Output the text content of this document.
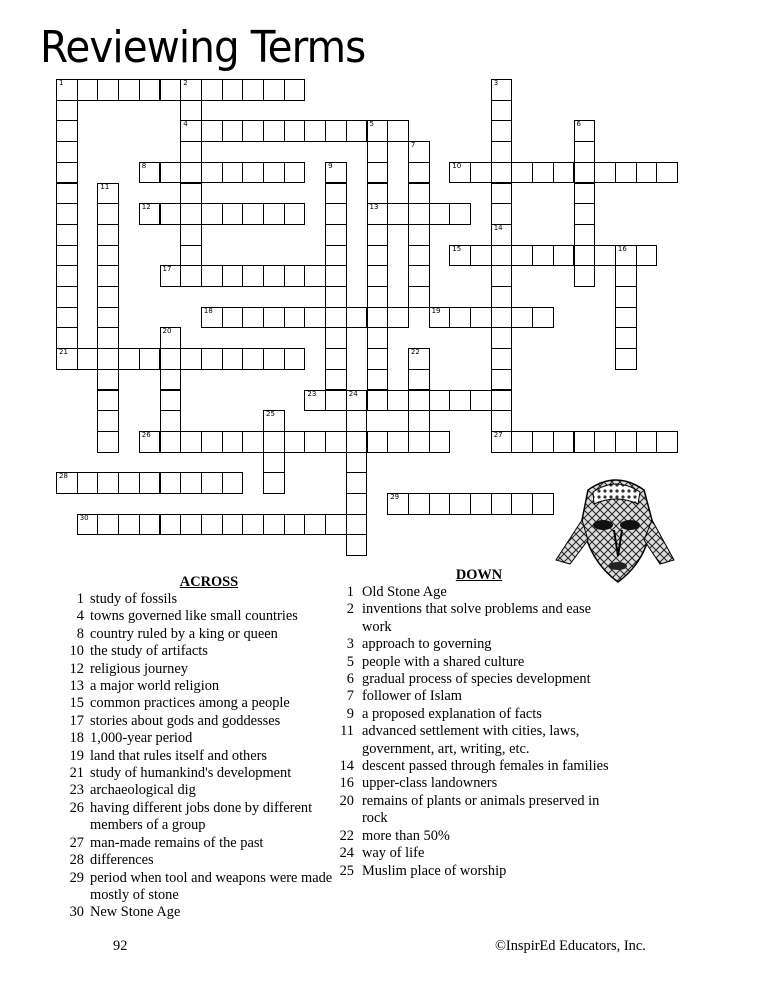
Reviewing Terms
1
21
2
4
3
14
5
13
6
7
8	9	10
11
12
27
15	16
17
18	19
20
22
23	24
25
26
28
29
30
ACROSS
1 study of fossils
4 towns governed like small countries
8 country ruled by a king or queen
10 the study of artifacts
12 religious journey
13 a major world religion
15 common practices among a people
17 stories about gods and goddesses
18 1,000-year period
19 land that rules itself and others
21 study of humankind's development
23 archaeological dig
26 having different jobs done by different members of a group
27 man-made remains of the past
28 differences
29 period when tool and weapons were made mostly of stone
30 New Stone Age
DOWN
1 Old Stone Age
2 inventions that solve problems and ease work
3 approach to governing
5 people with a shared culture
6 gradual process of species development
7 follower of Islam
9 a proposed explanation of facts
11 advanced settlement with cities, laws, government, art, writing, etc.
14 descent passed through females in families
16 upper-class landowners
20 remains of plants or animals preserved in rock
22 more than 50%
24 way of life
25 Muslim place of worship
92	©InspirEd Educators, Inc.
